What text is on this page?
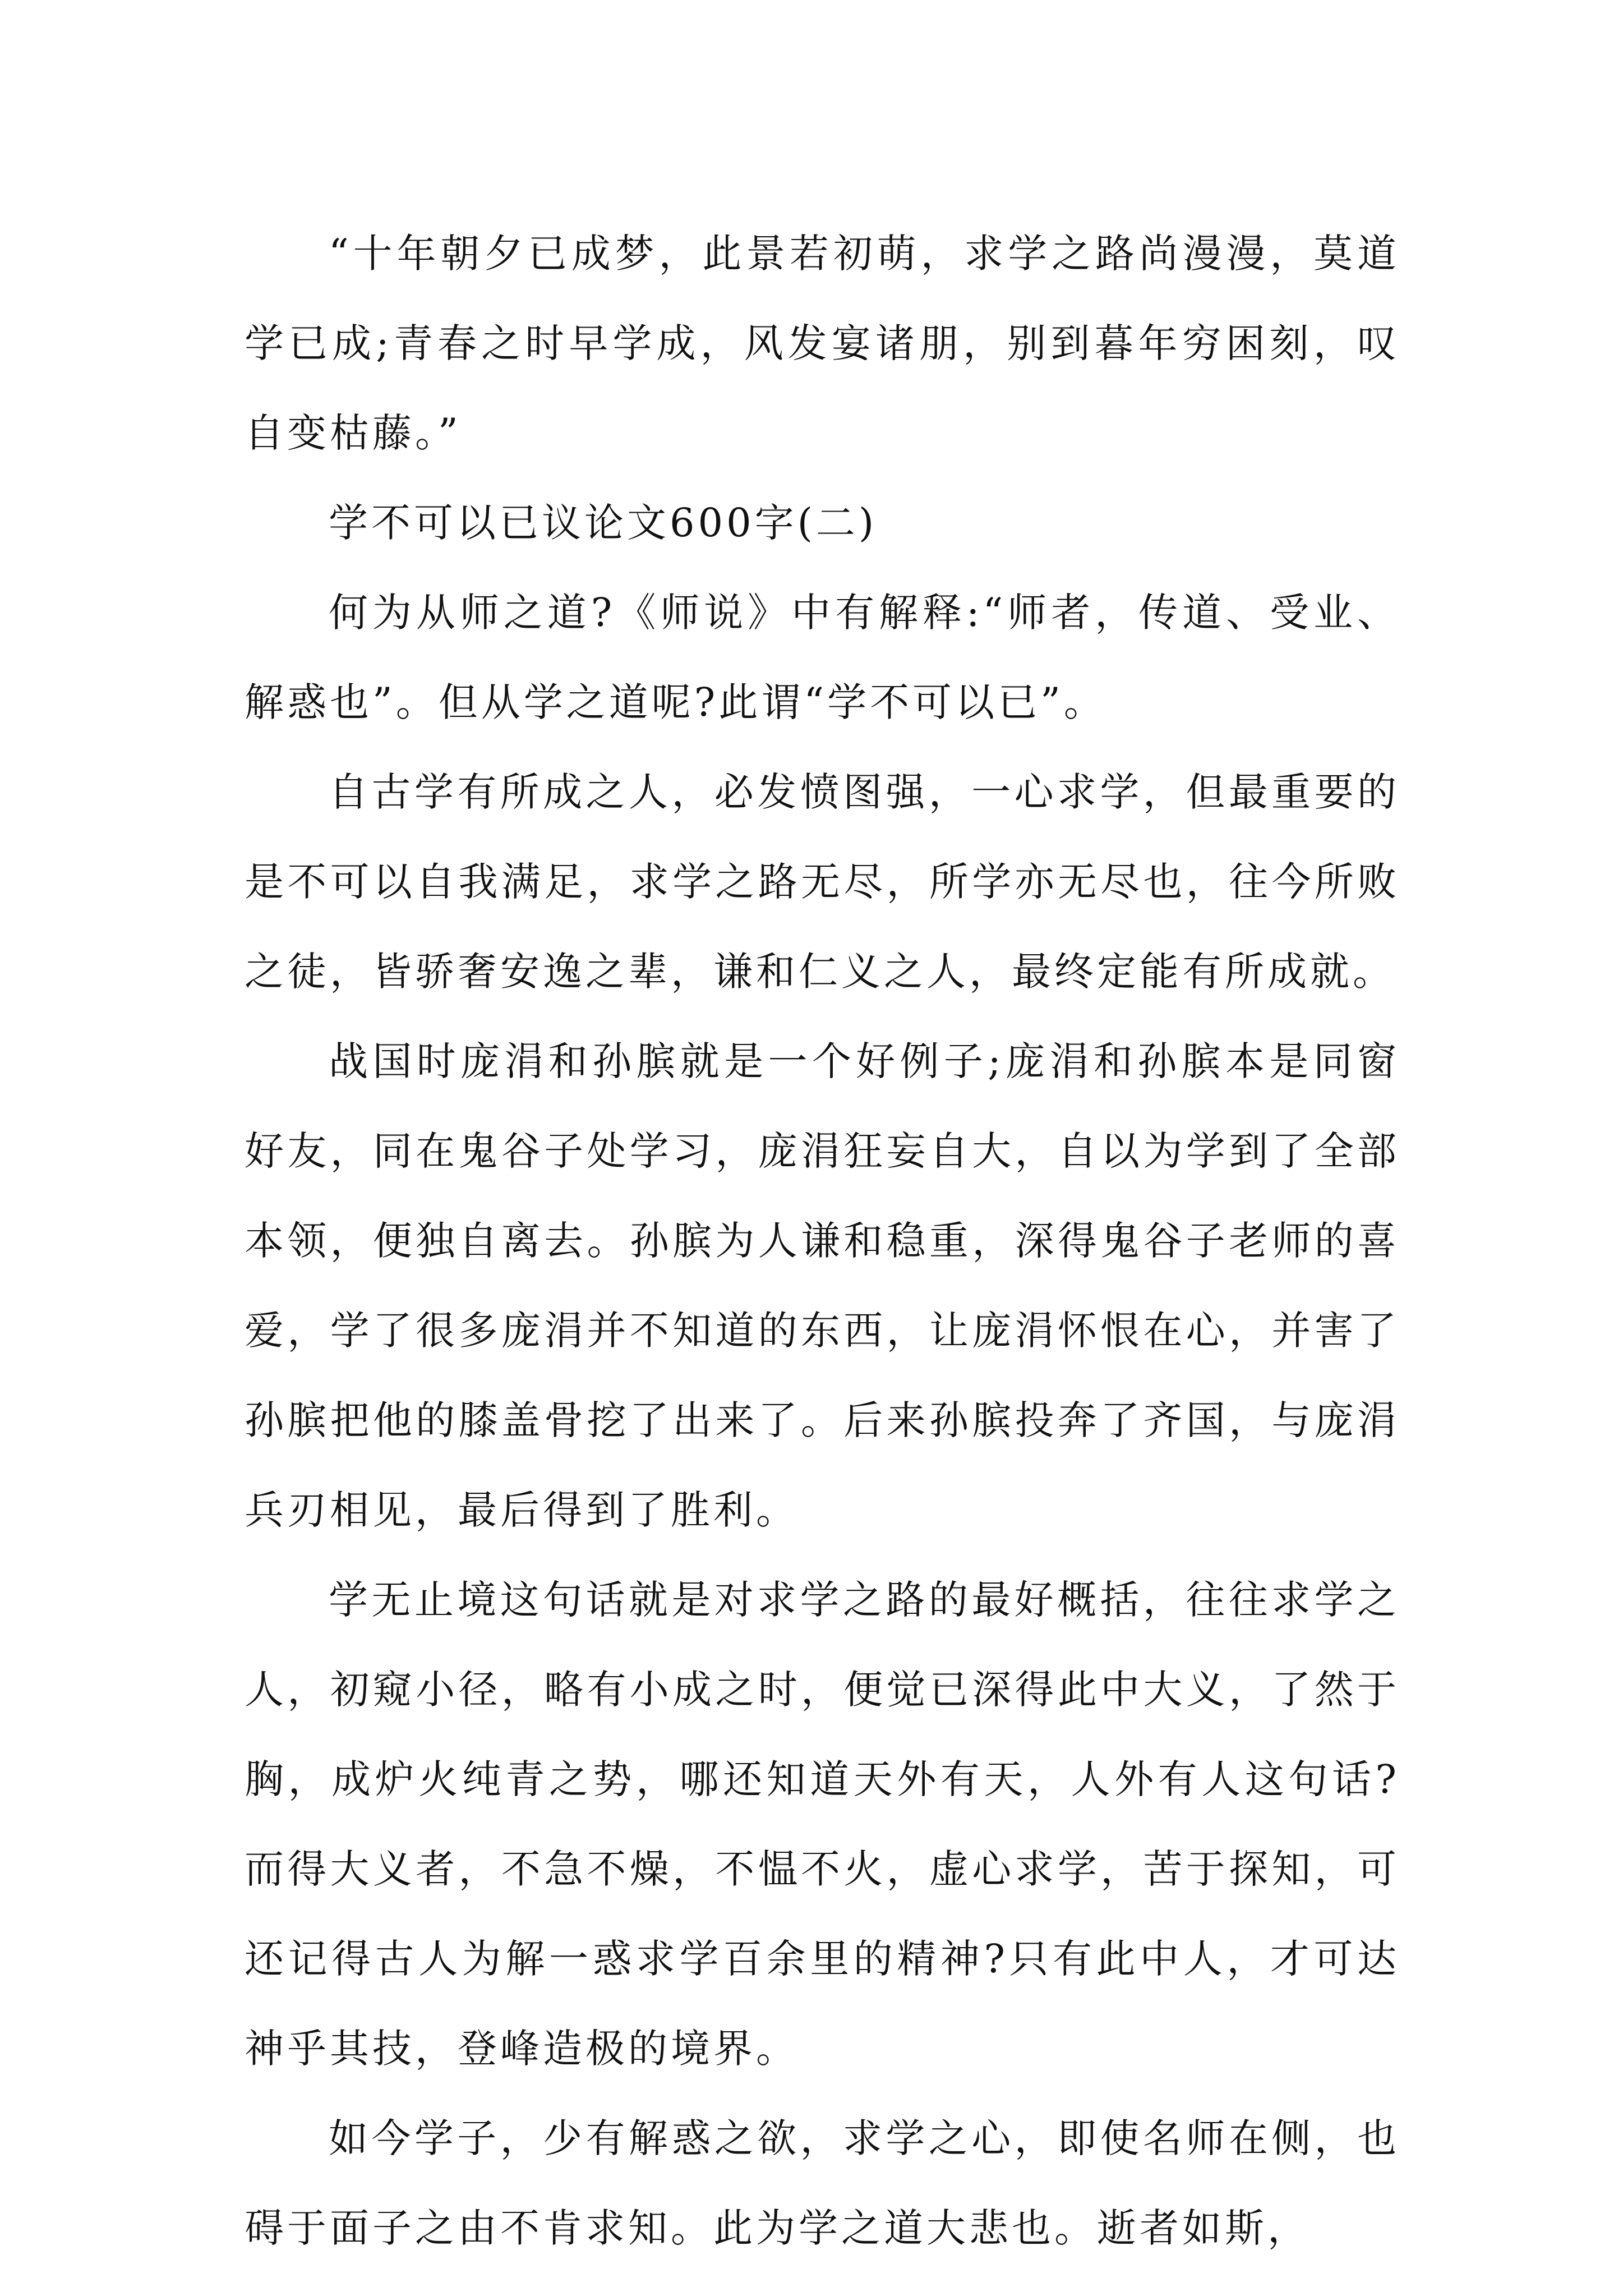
“十年朝夕已成梦，此景若初萌，求学之路尚漫漫，莫道学已成;青春之时早学成，风发宴诸朋，别到暮年穷困刻，叹自变枯藤。”

学不可以已议论文600字(二)

何为从师之道?《师说》中有解释:“师者，传道、受业、解惑也”。但从学之道呢?此谓“学不可以已”。

自古学有所成之人，必发愤图强，一心求学，但最重要的是不可以自我满足，求学之路无尽，所学亦无尽也，往今所败之徒，皆骄奢安逸之辈，谦和仁义之人，最终定能有所成就。

战国时庞涓和孙膑就是一个好例子;庞涓和孙膑本是同窗好友，同在鬼谷子处学习，庞涓狂妄自大，自以为学到了全部本领，便独自离去。孙膑为人谦和稳重，深得鬼谷子老师的喜爱，学了很多庞涓并不知道的东西，让庞涓怀恨在心，并害了孙膑把他的膝盖骨挖了出来了。后来孙膑投奔了齐国，与庞涓兵刃相见，最后得到了胜利。

学无止境这句话就是对求学之路的最好概括，往往求学之人，初窥小径，略有小成之时，便觉已深得此中大义，了然于胸，成炉火纯青之势，哪还知道天外有天，人外有人这句话?而得大义者，不急不燥，不愠不火，虚心求学，苦于探知，可还记得古人为解一惑求学百余里的精神?只有此中人，才可达神乎其技，登峰造极的境界。

如今学子，少有解惑之欲，求学之心，即使名师在侧，也碍于面子之由不肯求知。此为学之道大悲也。逝者如斯，
